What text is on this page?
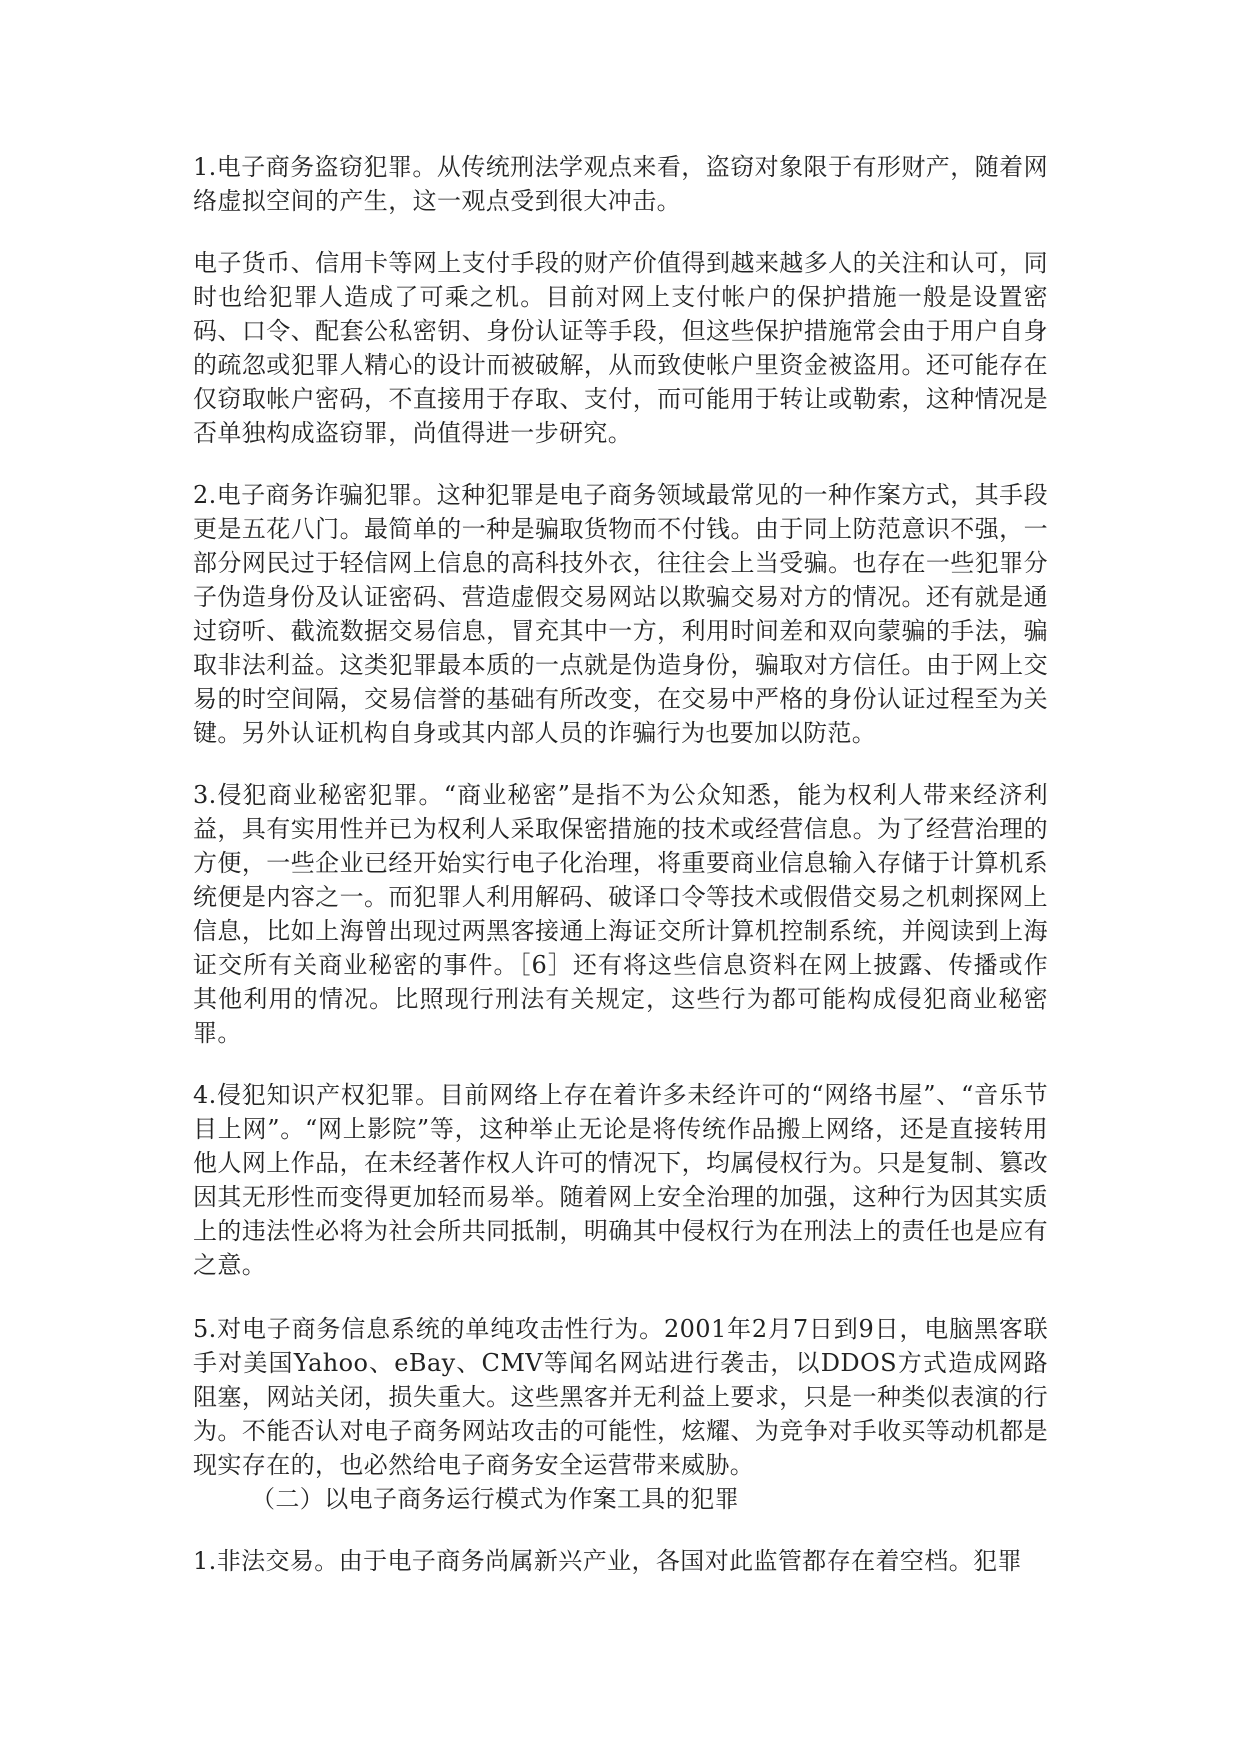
1.电子商务盗窃犯罪。从传统刑法学观点来看，盗窃对象限于有形财产，随着网络虚拟空间的产生，这一观点受到很大冲击。

电子货币、信用卡等网上支付手段的财产价值得到越来越多人的关注和认可，同时也给犯罪人造成了可乘之机。目前对网上支付帐户的保护措施一般是设置密码、口令、配套公私密钥、身份认证等手段，但这些保护措施常会由于用户自身的疏忽或犯罪人精心的设计而被破解，从而致使帐户里资金被盗用。还可能存在仅窃取帐户密码，不直接用于存取、支付，而可能用于转让或勒索，这种情况是否单独构成盗窃罪，尚值得进一步研究。

2.电子商务诈骗犯罪。这种犯罪是电子商务领域最常见的一种作案方式，其手段更是五花八门。最简单的一种是骗取货物而不付钱。由于同上防范意识不强，一部分网民过于轻信网上信息的高科技外衣，往往会上当受骗。也存在一些犯罪分子伪造身份及认证密码、营造虚假交易网站以欺骗交易对方的情况。还有就是通过窃听、截流数据交易信息，冒充其中一方，利用时间差和双向蒙骗的手法，骗取非法利益。这类犯罪最本质的一点就是伪造身份，骗取对方信任。由于网上交易的时空间隔，交易信誉的基础有所改变，在交易中严格的身份认证过程至为关键。另外认证机构自身或其内部人员的诈骗行为也要加以防范。

3.侵犯商业秘密犯罪。“商业秘密”是指不为公众知悉，能为权利人带来经济利益，具有实用性并已为权利人采取保密措施的技术或经营信息。为了经营治理的方便，一些企业已经开始实行电子化治理，将重要商业信息输入存储于计算机系统便是内容之一。而犯罪人利用解码、破译口令等技术或假借交易之机刺探网上信息，比如上海曾出现过两黑客接通上海证交所计算机控制系统，并阅读到上海证交所有关商业秘密的事件。［6］还有将这些信息资料在网上披露、传播或作其他利用的情况。比照现行刑法有关规定，这些行为都可能构成侵犯商业秘密罪。

4.侵犯知识产权犯罪。目前网络上存在着许多未经许可的“网络书屋”、“音乐节目上网”。“网上影院”等，这种举止无论是将传统作品搬上网络，还是直接转用他人网上作品，在未经著作权人许可的情况下，均属侵权行为。只是复制、篡改因其无形性而变得更加轻而易举。随着网上安全治理的加强，这种行为因其实质上的违法性必将为社会所共同抵制，明确其中侵权行为在刑法上的责任也是应有之意。

5.对电子商务信息系统的单纯攻击性行为。2001年2月7日到9日，电脑黑客联手对美国Yahoo、eBay、CMV等闻名网站进行袭击，以DDOS方式造成网路阻塞，网站关闭，损失重大。这些黑客并无利益上要求，只是一种类似表演的行为。不能否认对电子商务网站攻击的可能性，炫耀、为竞争对手收买等动机都是现实存在的，也必然给电子商务安全运营带来威胁。

（二）以电子商务运行模式为作案工具的犯罪

1.非法交易。由于电子商务尚属新兴产业，各国对此监管都存在着空档。犯罪
